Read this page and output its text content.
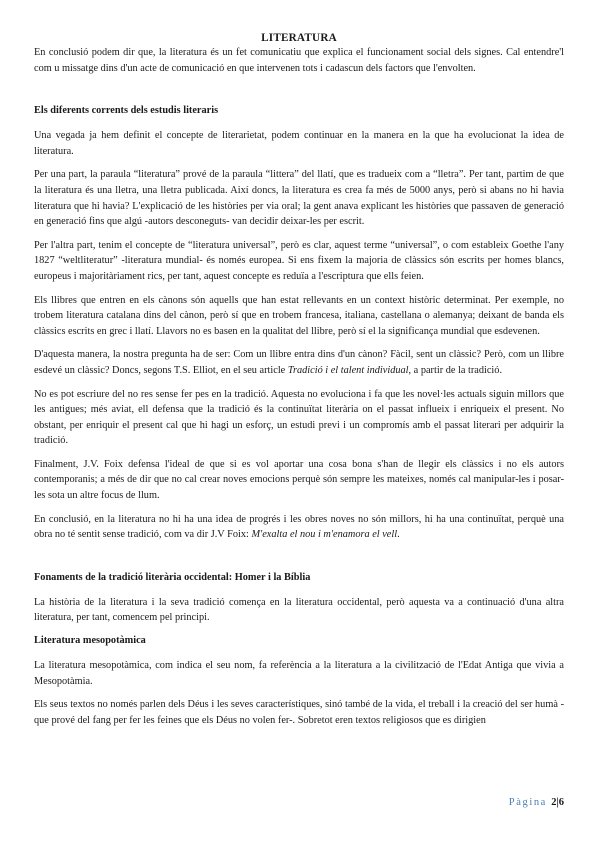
LITERATURA

En conclusió podem dir que, la literatura és un fet comunicatiu que explica el funcionament social dels signes. Cal entendre'l com u missatge dins d'un acte de comunicació en que intervenen tots i cadascun dels factors que l'envolten.

Els diferents corrents dels estudis literaris

Una vegada ja hem definit el concepte de literarietat, podem continuar en la manera en la que ha evolucionat la idea de literatura.

Per una part, la paraula “literatura” prové de la paraula “littera” del llatí, que es tradueix com a “lletra”. Per tant, partim de que la literatura és una lletra, una lletra publicada. Així doncs, la literatura es crea fa més de 5000 anys, però si abans no hi havia literatura que hi havia? L'explicació de les històries per via oral; la gent anava explicant les històries que passaven de generació en generació fins que algú -autors desconeguts- van decidir deixar-les per escrit.

Per l'altra part, tenim el concepte de “literatura universal”, però es clar, aquest terme “universal”, o com estableix Goethe l'any 1827 “weltliteratur” -literatura mundial- és només europea. Si ens fixem la majoria de clàssics són escrits per homes blancs, europeus i majoritàriament rics, per tant, aquest concepte es reduïa a l'escriptura que ells feien.

Els llibres que entren en els cànons són aquells que han estat rellevants en un context històric determinat. Per exemple, no trobem literatura catalana dins del cànon, però sí que en trobem francesa, italiana, castellana o alemanya; deixant de banda els clàssics escrits en grec i llatí. Llavors no es basen en la qualitat del llibre, però sí el la significança mundial que esdevenen.

D'aquesta manera, la nostra pregunta ha de ser: Com un llibre entra dins d'un cànon? Fàcil, sent un clàssic? Però, com un llibre esdevé un clàssic? Doncs, segons T.S. Elliot, en el seu article Tradició i el talent individual, a partir de la tradició.

No es pot escriure del no res sense fer pes en la tradició. Aquesta no evoluciona i fa que les novel·les actuals siguin millors que les antigues; més aviat, ell defensa que la tradició és la continuïtat literària on el passat influeix i enriqueix el present. No obstant, per enriquir el present cal que hi hagi un esforç, un estudi previ i un compromís amb el passat literari per adquirir la tradició.

Finalment, J.V. Foix defensa l'ideal de que si es vol aportar una cosa bona s'han de llegir els clàssics i no els autors contemporanis; a més de dir que no cal crear noves emocions perquè són sempre les mateixes, només cal manipular-les i posar-les sota un altre focus de llum.

En conclusió, en la literatura no hi ha una idea de progrés i les obres noves no són millors, hi ha una continuïtat, perquè una obra no té sentit sense tradició, com va dir J.V Foix: M'exalta el nou i m'enamora el vell.

Fonaments de la tradició literària occidental: Homer i la Bíblia

La història de la literatura i la seva tradició comença en la literatura occidental, però aquesta va a continuació d'una altra literatura, per tant, comencem pel principi.

Literatura mesopotàmica

La literatura mesopotàmica, com indica el seu nom, fa referència a la literatura a la civilització de l'Edat Antiga que vivia a Mesopotàmia.

Els seus textos no només parlen dels Déus i les seves característiques, sinó també de la vida, el treball i la creació del ser humà -que prové del fang per fer les feines que els Déus no volen fer-. Sobretot eren textos religiosos que es dirigien

Pàgina 2|6
